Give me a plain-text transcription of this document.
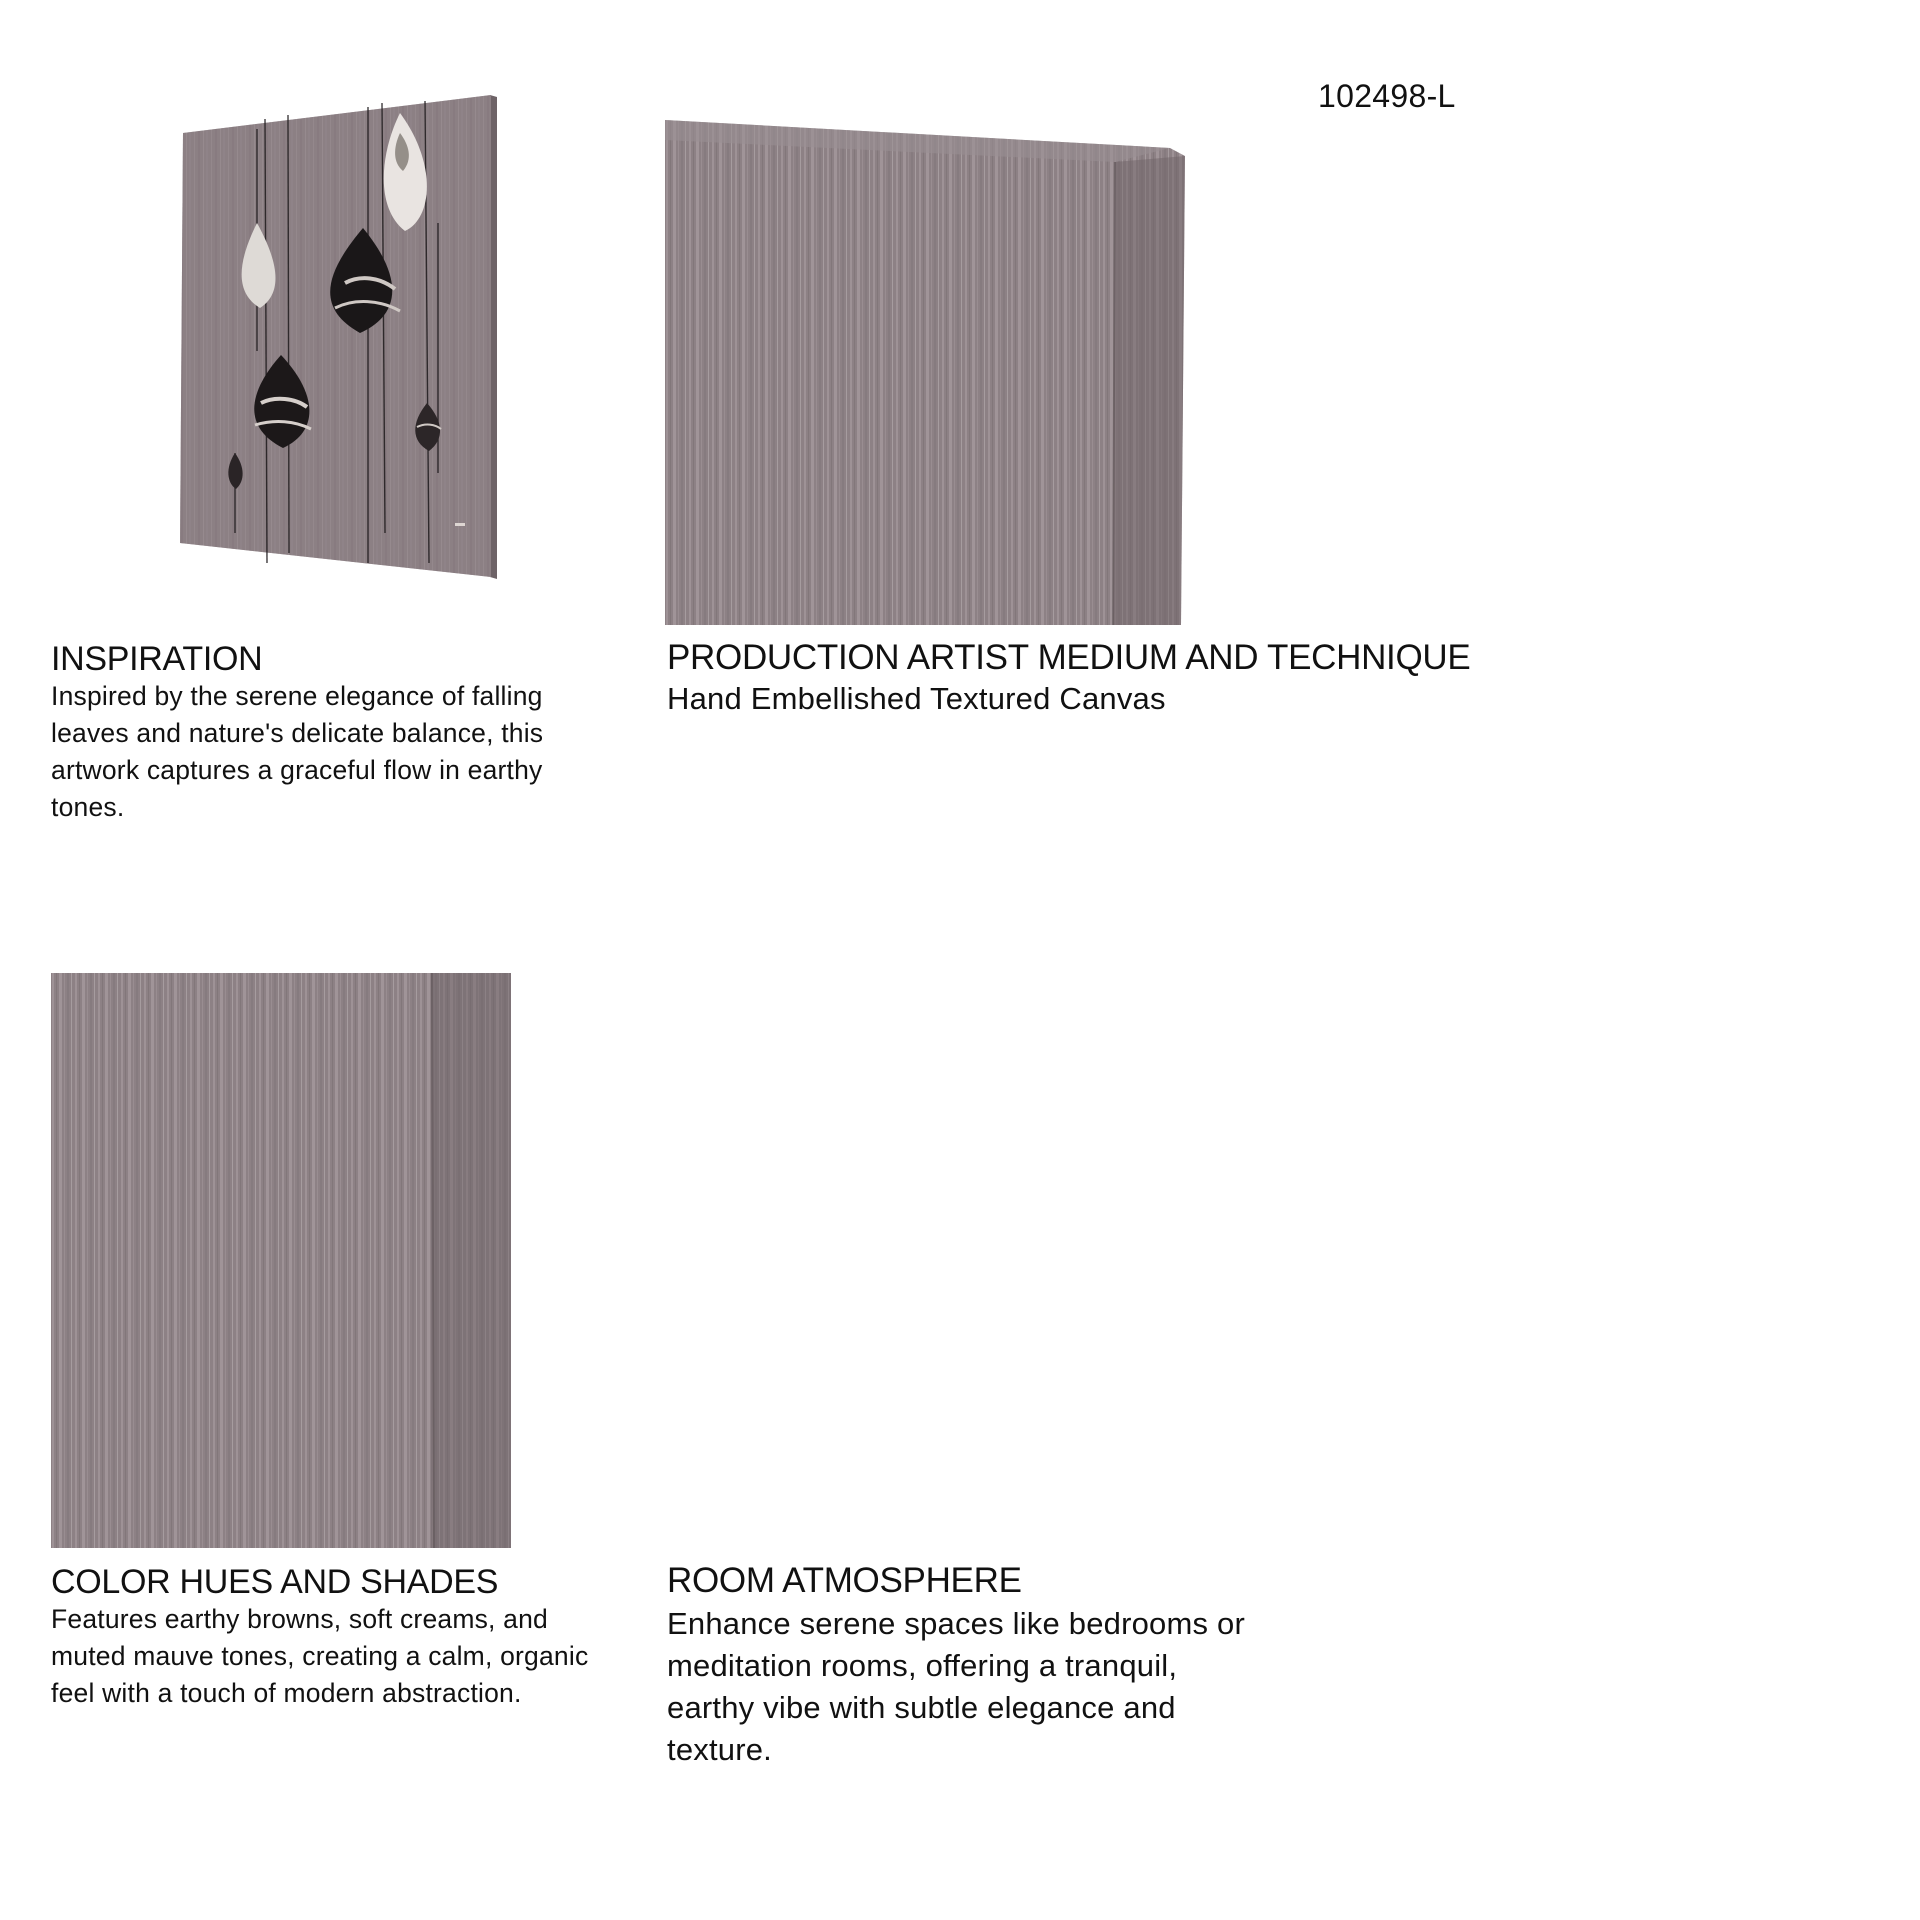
102498-L
INSPIRATION
Inspired by the serene elegance of falling leaves and nature's delicate balance, this artwork captures a graceful flow in earthy tones.
PRODUCTION ARTIST MEDIUM AND TECHNIQUE
Hand Embellished Textured Canvas
COLOR HUES AND SHADES
Features earthy browns, soft creams, and muted mauve tones, creating a calm, organic feel with a touch of modern abstraction.
ROOM ATMOSPHERE
Enhance serene spaces like bedrooms or meditation rooms, offering a tranquil, earthy vibe with subtle elegance and texture.
